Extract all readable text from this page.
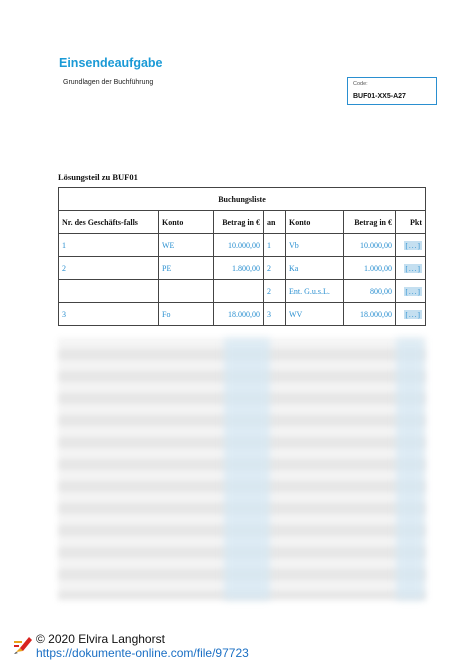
Einsendeaufgabe
Grundlagen der Buchführung	Code:
BUF01-XX5-A27
Lösungsteil zu BUF01
Buchungsliste						
Nr. des Geschäfts-falls	Konto	Betrag in €	an	Konto	Betrag in €	Pkt
1	WE	10.000,00	1	Vb	10.000,00	[...]
2	PE	1.800,00	2	Ka	1.000,00	[...]
			2	Ent. G.u.s.L.	800,00	[...]
3	Fo	18.000,00	3	WV	18.000,00	[...]
© 2020 Elvira Langhorst
https://dokumente-online.com/file/97723
